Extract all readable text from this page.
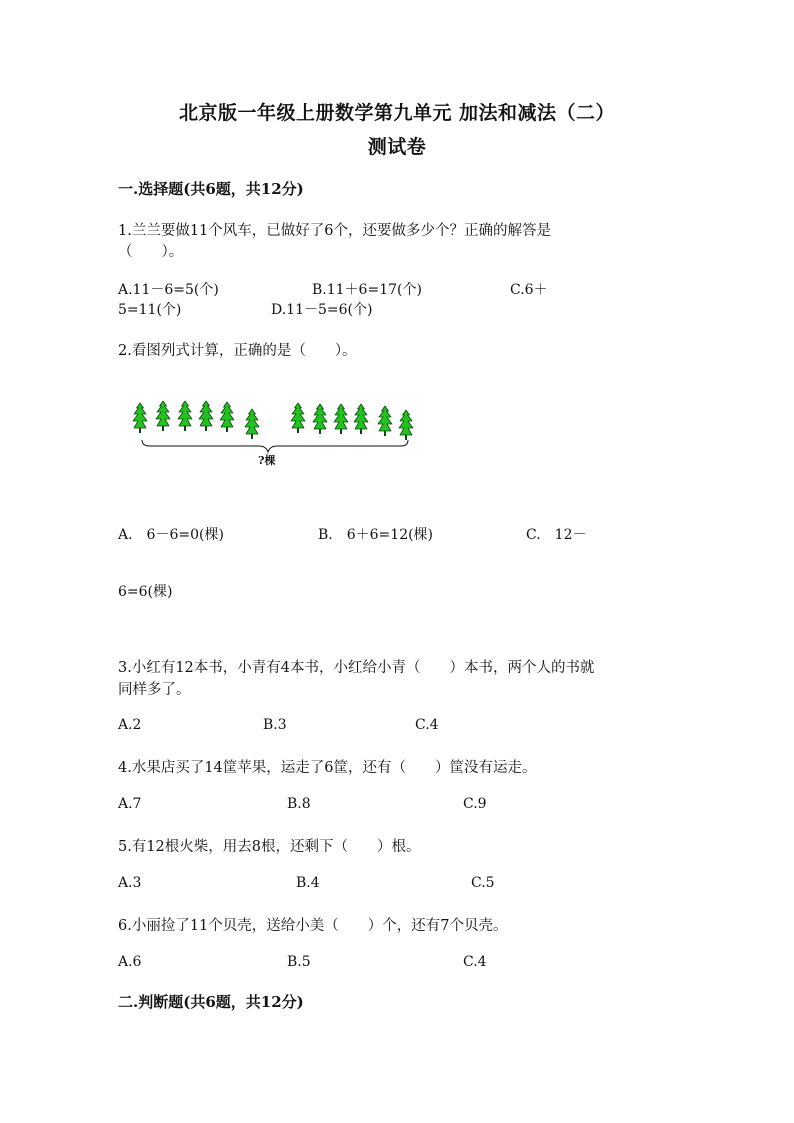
北京版一年级上册数学第九单元 加法和减法（二）
测试卷
一.选择题(共6题，共12分)
1.兰兰要做11个风车，已做好了6个，还要做多少个？正确的解答是
（　　）。
A.11－6=5(个)	B.11＋6=17(个)	C.6＋
5=11(个)	D.11－5=6(个)
2.看图列式计算，正确的是（　　）。
?棵
A.　6－6=0(棵)	B.　6＋6=12(棵)	C.　12－
6=6(棵)
3.小红有12本书，小青有4本书，小红给小青（　　）本书，两个人的书就
同样多了。
A.2	B.3	C.4
4.水果店买了14筐苹果，运走了6筐，还有（　　）筐没有运走。
A.7	B.8	C.9
5.有12根火柴，用去8根，还剩下（　　）根。
A.3	B.4	C.5
6.小丽捡了11个贝壳，送给小美（　　）个，还有7个贝壳。
A.6	B.5	C.4
二.判断题(共6题，共12分)
